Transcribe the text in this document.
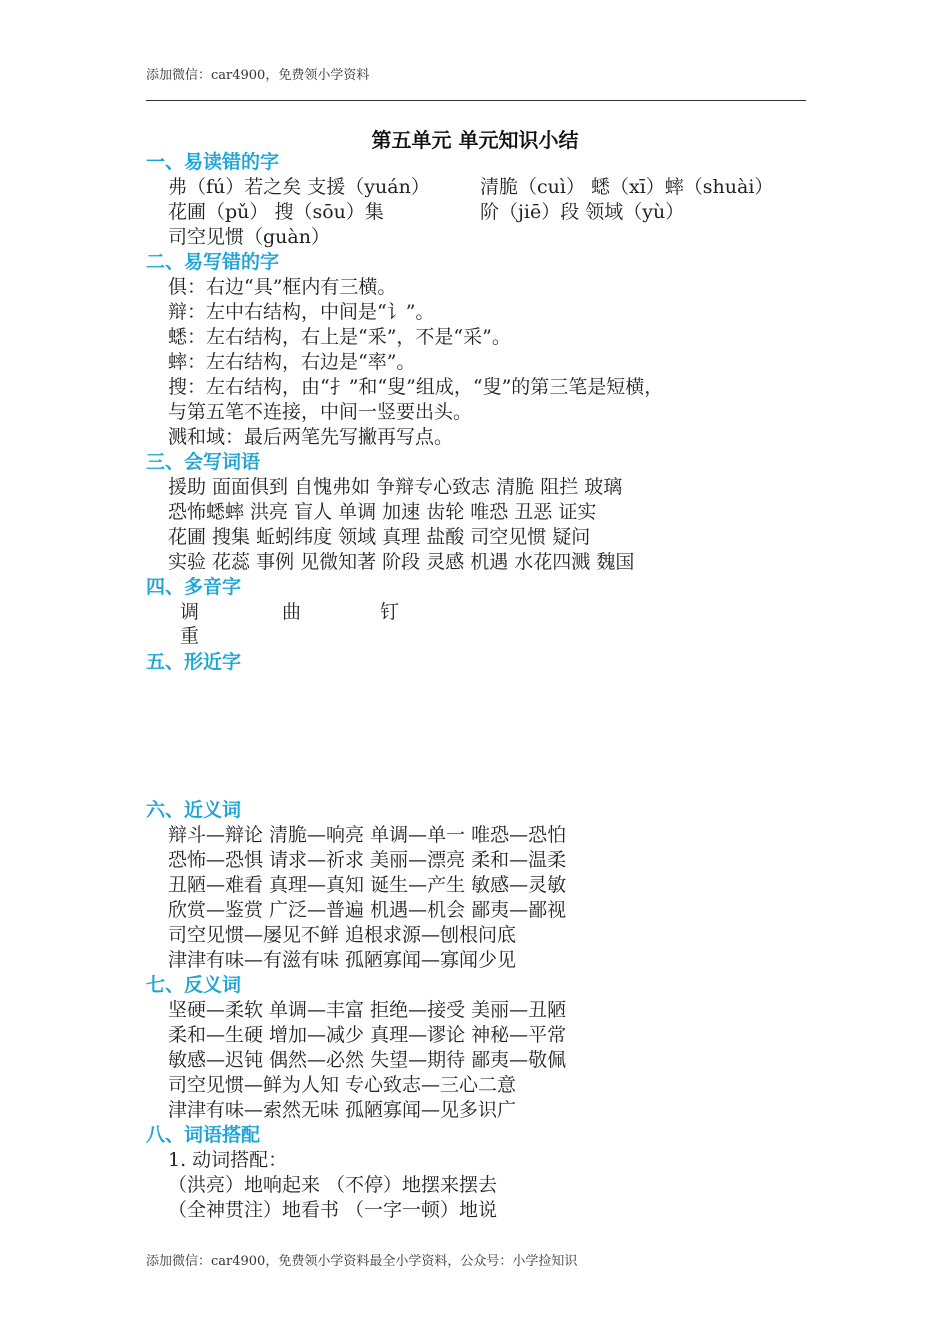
添加微信：car4900，免费领小学资料
第五单元 单元知识小结
一、易读错的字
弗（fú）若之矣 支援（yuán）	清脆（cuì） 蟋（xī）蟀（shuài）
花圃（pǔ） 搜（sōu）集	阶（jiē）段 领域（yù）
司空见惯（guàn）
二、易写错的字
俱：右边“具”框内有三横。
辩：左中右结构，中间是“讠”。
蟋：左右结构，右上是“釆”，不是“采”。
蟀：左右结构，右边是“率”。
搜：左右结构，由“扌”和“叟”组成，“叟”的第三笔是短横，
与第五笔不连接，中间一竖要出头。
溅和域：最后两笔先写撇再写点。
三、会写词语
援助 面面俱到 自愧弗如 争辩专心致志 清脆 阻拦 玻璃
恐怖蟋蟀 洪亮 盲人 单调 加速 齿轮 唯恐 丑恶 证实
花圃 搜集 蚯蚓纬度 领域 真理 盐酸 司空见惯 疑问
实验 花蕊 事例 见微知著 阶段 灵感 机遇 水花四溅 魏国
四、多音字
调	曲	钉
重
五、形近字
六、近义词
辩斗—辩论 清脆—响亮 单调—单一 唯恐—恐怕
恐怖—恐惧 请求—祈求 美丽—漂亮 柔和—温柔
丑陋—难看 真理—真知 诞生—产生 敏感—灵敏
欣赏—鉴赏 广泛—普遍 机遇—机会 鄙夷—鄙视
司空见惯—屡见不鲜 追根求源—刨根问底
津津有味—有滋有味 孤陋寡闻—寡闻少见
七、反义词
坚硬—柔软 单调—丰富 拒绝—接受 美丽—丑陋
柔和—生硬 增加—减少 真理—谬论 神秘—平常
敏感—迟钝 偶然—必然 失望—期待 鄙夷—敬佩
司空见惯—鲜为人知 专心致志—三心二意
津津有味—索然无味 孤陋寡闻—见多识广
八、词语搭配
1. 动词搭配：
（洪亮）地响起来 （不停）地摆来摆去
（全神贯注）地看书 （一字一顿）地说
添加微信：car4900，免费领小学资料最全小学资料，公众号：小学捡知识
